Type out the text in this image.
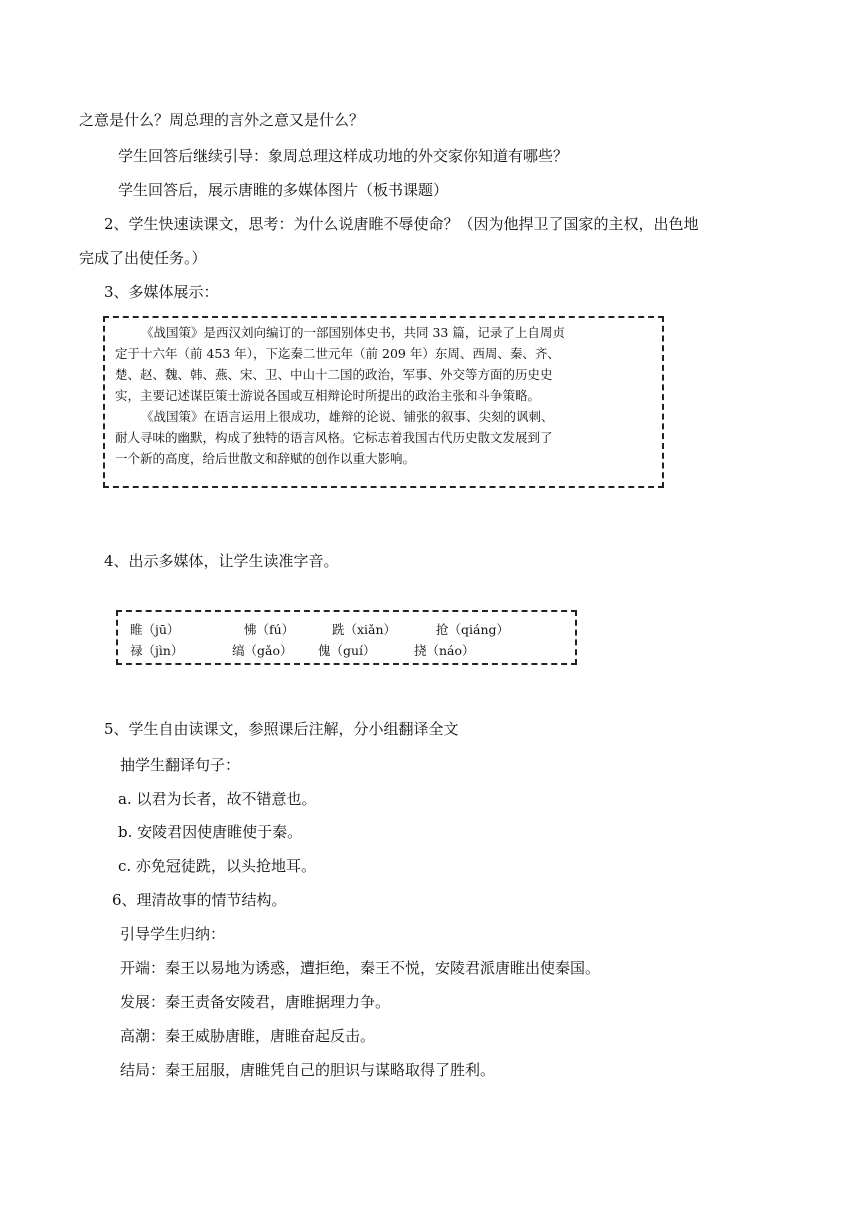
之意是什么？周总理的言外之意又是什么？
学生回答后继续引导：象周总理这样成功地的外交家你知道有哪些？
学生回答后，展示唐睢的多媒体图片（板书课题）
2、学生快速读课文，思考：为什么说唐睢不辱使命？（因为他捍卫了国家的主权，出色地
完成了出使任务。）
3、多媒体展示：
《战国策》是西汉刘向编订的一部国别体史书，共同 33 篇，记录了上自周贞
定于十六年（前 453 年），下迄秦二世元年（前 209 年）东周、西周、秦、齐、
楚、赵、魏、韩、燕、宋、卫、中山十二国的政治，军事、外交等方面的历史史
实，主要记述谋臣策士游说各国或互相辩论时所提出的政治主张和斗争策略。
《战国策》在语言运用上很成功，雄辩的论说、铺张的叙事、尖刻的讽刺、
耐人寻味的幽默，构成了独特的语言风格。它标志着我国古代历史散文发展到了
一个新的高度，给后世散文和辞赋的创作以重大影响。
4、出示多媒体，让学生读准字音。
睢（jū）	怫（fú）	跣（xiǎn）	抢（qiáng）
禄（jìn）	缟（gǎo） 傀（guí）	挠（náo）
5、学生自由读课文，参照课后注解，分小组翻译全文
抽学生翻译句子：
a. 以君为长者，故不错意也。
b. 安陵君因使唐睢使于秦。
c. 亦免冠徒跣，以头抢地耳。
6、理清故事的情节结构。
引导学生归纳：
开端：秦王以易地为诱惑，遭拒绝，秦王不悦，安陵君派唐睢出使秦国。
发展：秦王责备安陵君，唐睢据理力争。
高潮：秦王威胁唐睢，唐睢奋起反击。
结局：秦王屈服，唐睢凭自己的胆识与谋略取得了胜利。
